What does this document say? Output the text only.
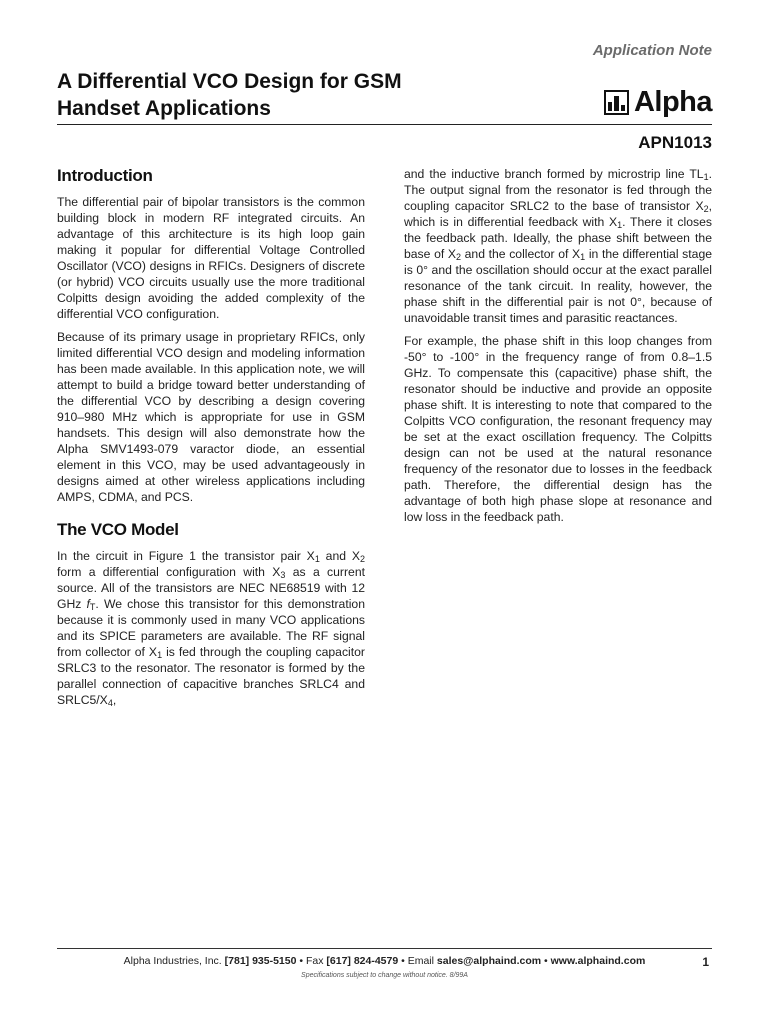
Application Note
A Differential VCO Design for GSM
Handset Applications	Alpha
APN1013
Introduction

The differential pair of bipolar transistors is the common building block in modern RF integrated circuits. An advantage of this architecture is its high loop gain making it popular for differential Voltage Controlled Oscillator (VCO) designs in RFICs. Designers of discrete (or hybrid) VCO circuits usually use the more traditional Colpitts design avoiding the added complexity of the differential VCO configuration.

Because of its primary usage in proprietary RFICs, only limited differential VCO design and modeling information has been made available. In this application note, we will attempt to build a bridge toward better understanding of the differential VCO by describing a design covering 910–980 MHz which is appropriate for use in GSM handsets. This design will also demonstrate how the Alpha SMV1493-079 varactor diode, an essential element in this VCO, may be used advantageously in designs aimed at other wireless applications including AMPS, CDMA, and PCS.

The VCO Model

In the circuit in Figure 1 the transistor pair $X_1$ and $X_2$ form a differential configuration with $X_3$ as a current source. All of the transistors are NEC NE68519 with 12 GHz $f_T$. We chose this transistor for this demonstration because it is commonly used in many VCO applications and its SPICE parameters are available. The RF signal from collector of $X_1$ is fed through the coupling capacitor SRLC3 to the resonator. The resonator is formed by the parallel connection of capacitive branches SRLC4 and $SRLC5/X_4$,

and the inductive branch formed by microstrip line $TL_1$. The output signal from the resonator is fed through the coupling capacitor SRLC2 to the base of transistor $X_2$, which is in differential feedback with $X_1$. There it closes the feedback path. Ideally, the phase shift between the base of $X_2$ and the collector of $X_1$ in the differential stage is 0° and the oscillation should occur at the exact parallel resonance of the tank circuit. In reality, however, the phase shift in the differential pair is not 0°, because of unavoidable transit times and parasitic reactances.

For example, the phase shift in this loop changes from -50° to -100° in the frequency range of from 0.8–1.5 GHz. To compensate this (capacitive) phase shift, the resonator should be inductive and provide an opposite phase shift. It is interesting to note that compared to the Colpitts VCO configuration, the resonant frequency may be set at the exact oscillation frequency. The Colpitts design can not be used at the natural resonance frequency of the resonator due to losses in the feedback path. Therefore, the differential design has the advantage of both high phase slope at resonance and low loss in the feedback path.

Alpha Industries, Inc. [781] 935-5150 • Fax [617] 824-4579 • Email sales@alphaind.com • www.alphaind.com	1
Specifications subject to change without notice. 8/99A
